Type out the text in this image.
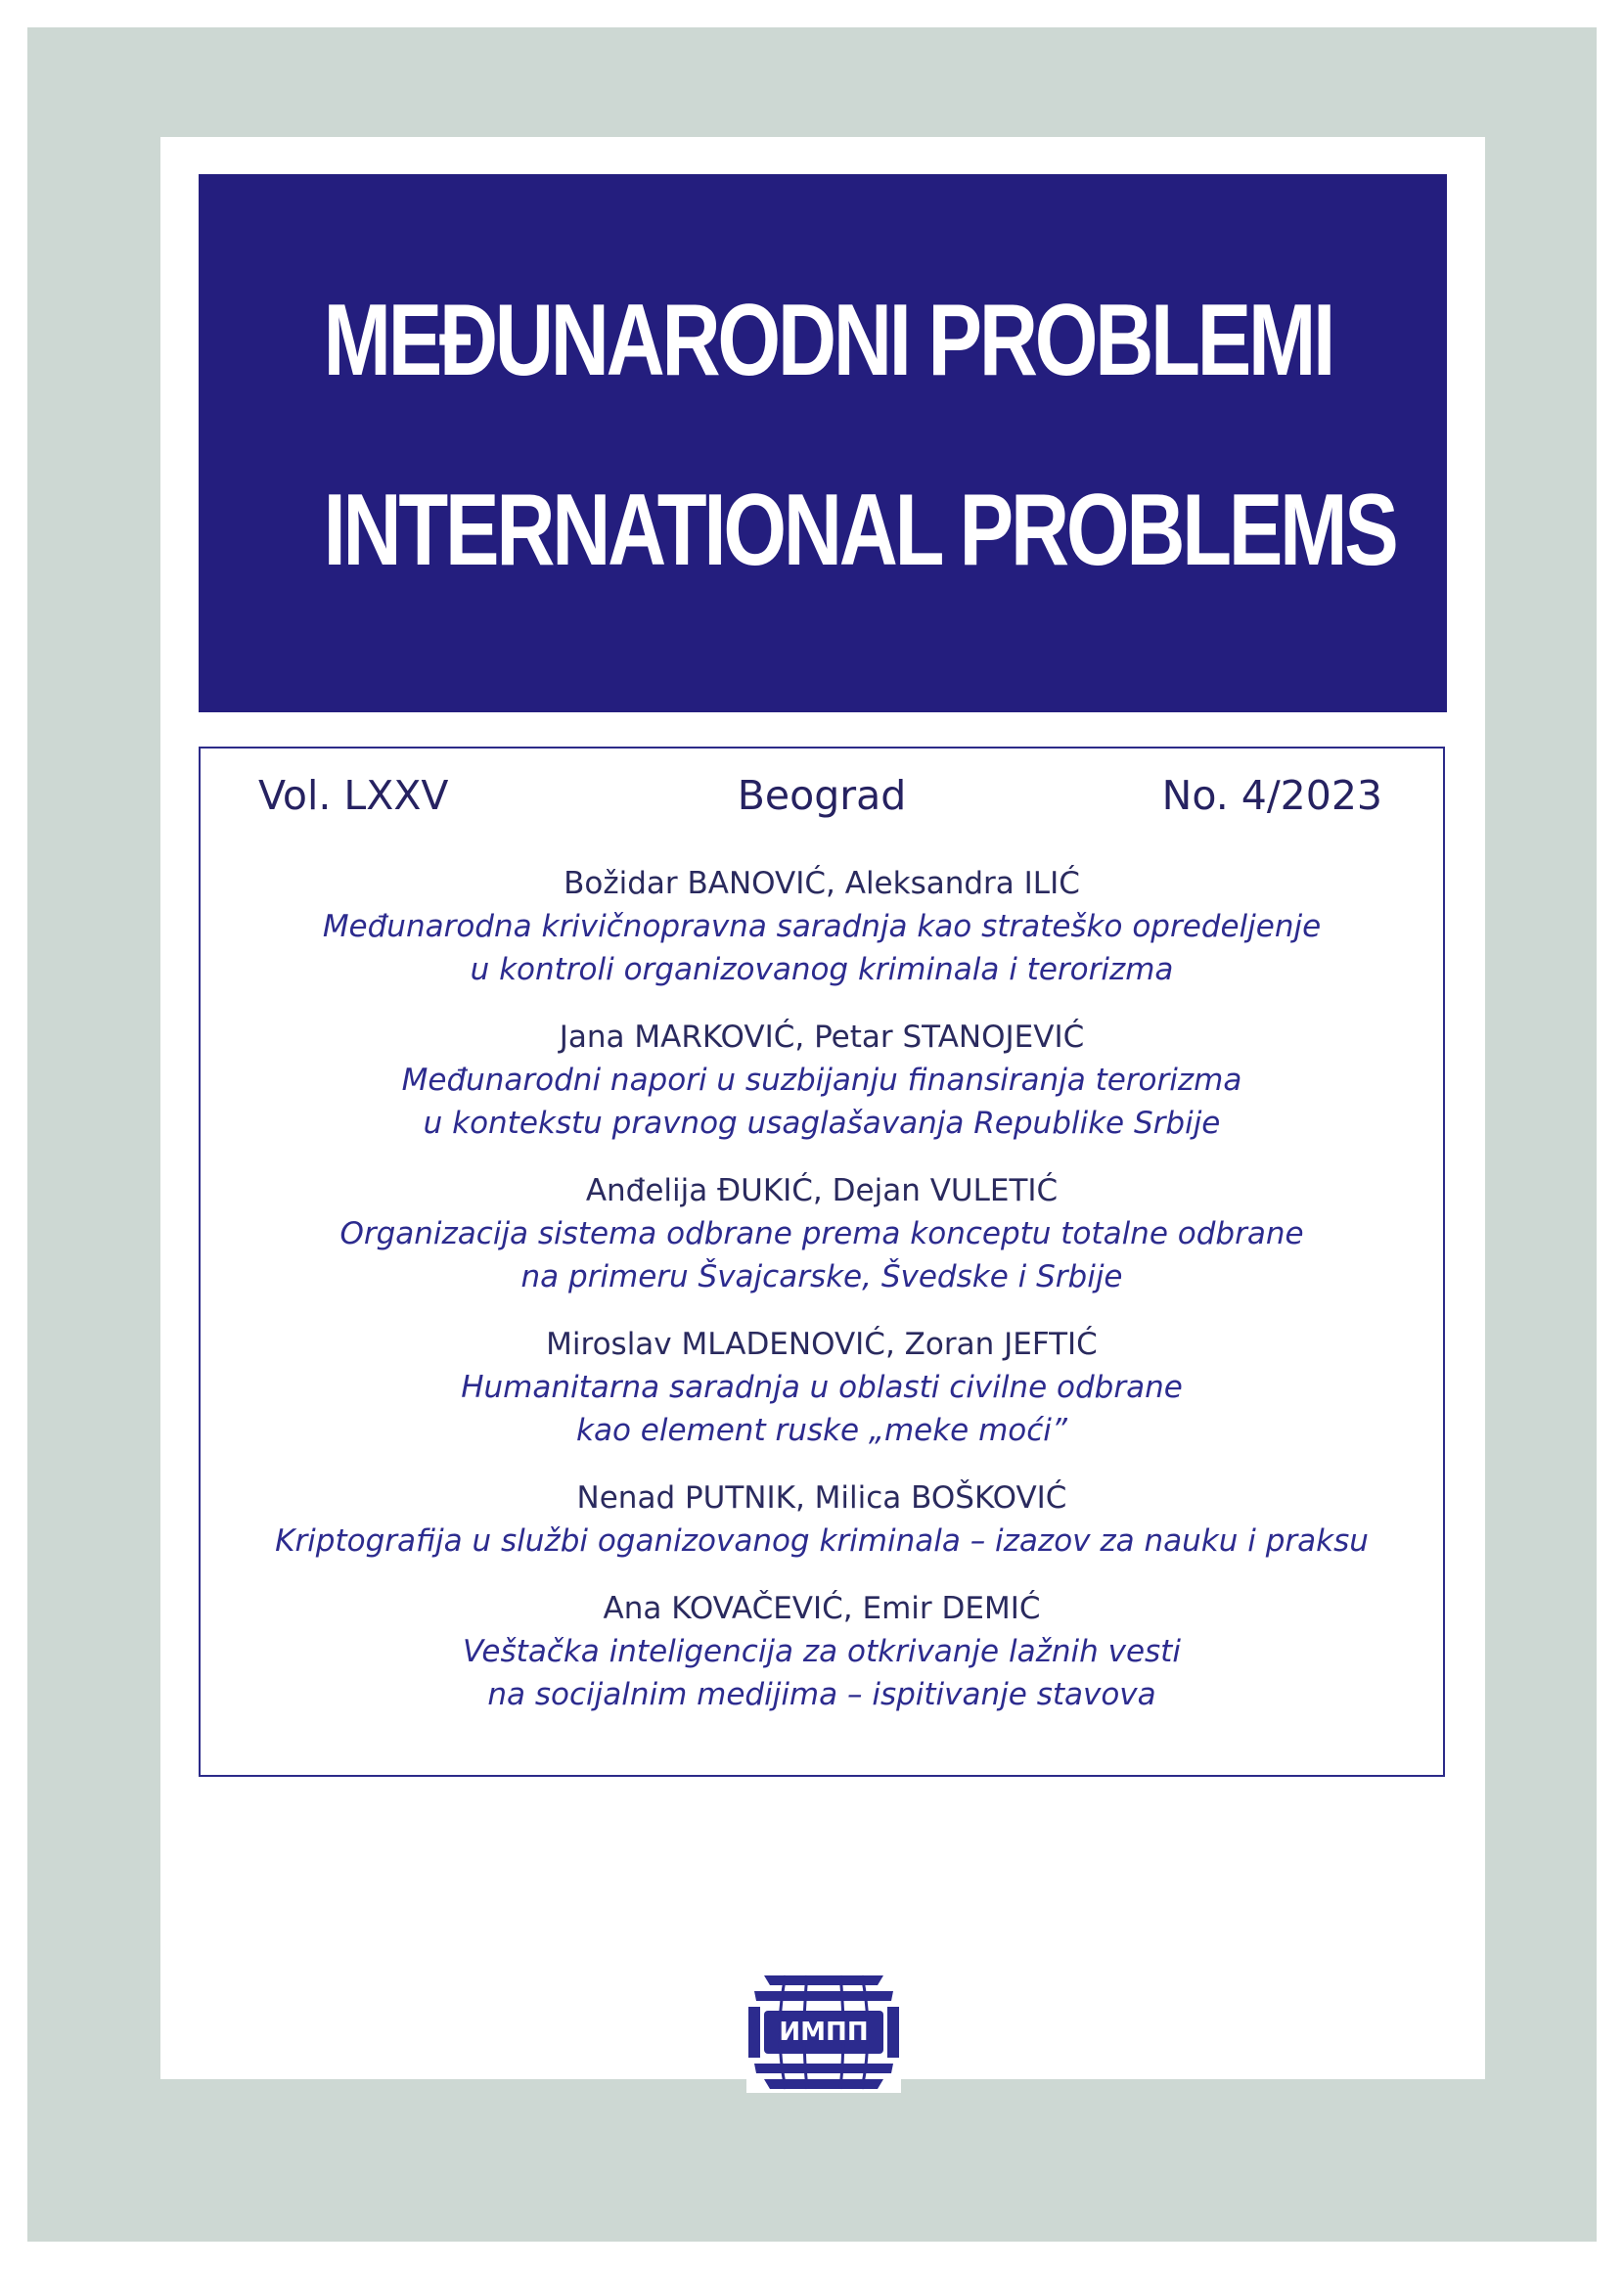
MEĐUNARODNI PROBLEMI
INTERNATIONAL PROBLEMS
Vol. LXXV	Beograd	No. 4/2023
Božidar BANOVIĆ, Aleksandra ILIĆ
Međunarodna krivičnopravna saradnja kao strateško opredeljenje
u kontroli organizovanog kriminala i terorizma
Jana MARKOVIĆ, Petar STANOJEVIĆ
Međunarodni napori u suzbijanju finansiranja terorizma
u kontekstu pravnog usaglašavanja Republike Srbije
Anđelija ĐUKIĆ, Dejan VULETIĆ
Organizacija sistema odbrane prema konceptu totalne odbrane
na primeru Švajcarske, Švedske i Srbije
Miroslav MLADENOVIĆ, Zoran JEFTIĆ
Humanitarna saradnja u oblasti civilne odbrane
kao element ruske „meke moći”
Nenad PUTNIK, Milica BOŠKOVIĆ
Kriptografija u službi oganizovanog kriminala – izazov za nauku i praksu
Ana KOVAČEVIĆ, Emir DEMIĆ
Veštačka inteligencija za otkrivanje lažnih vesti
na socijalnim medijima – ispitivanje stavova
ИМПП
